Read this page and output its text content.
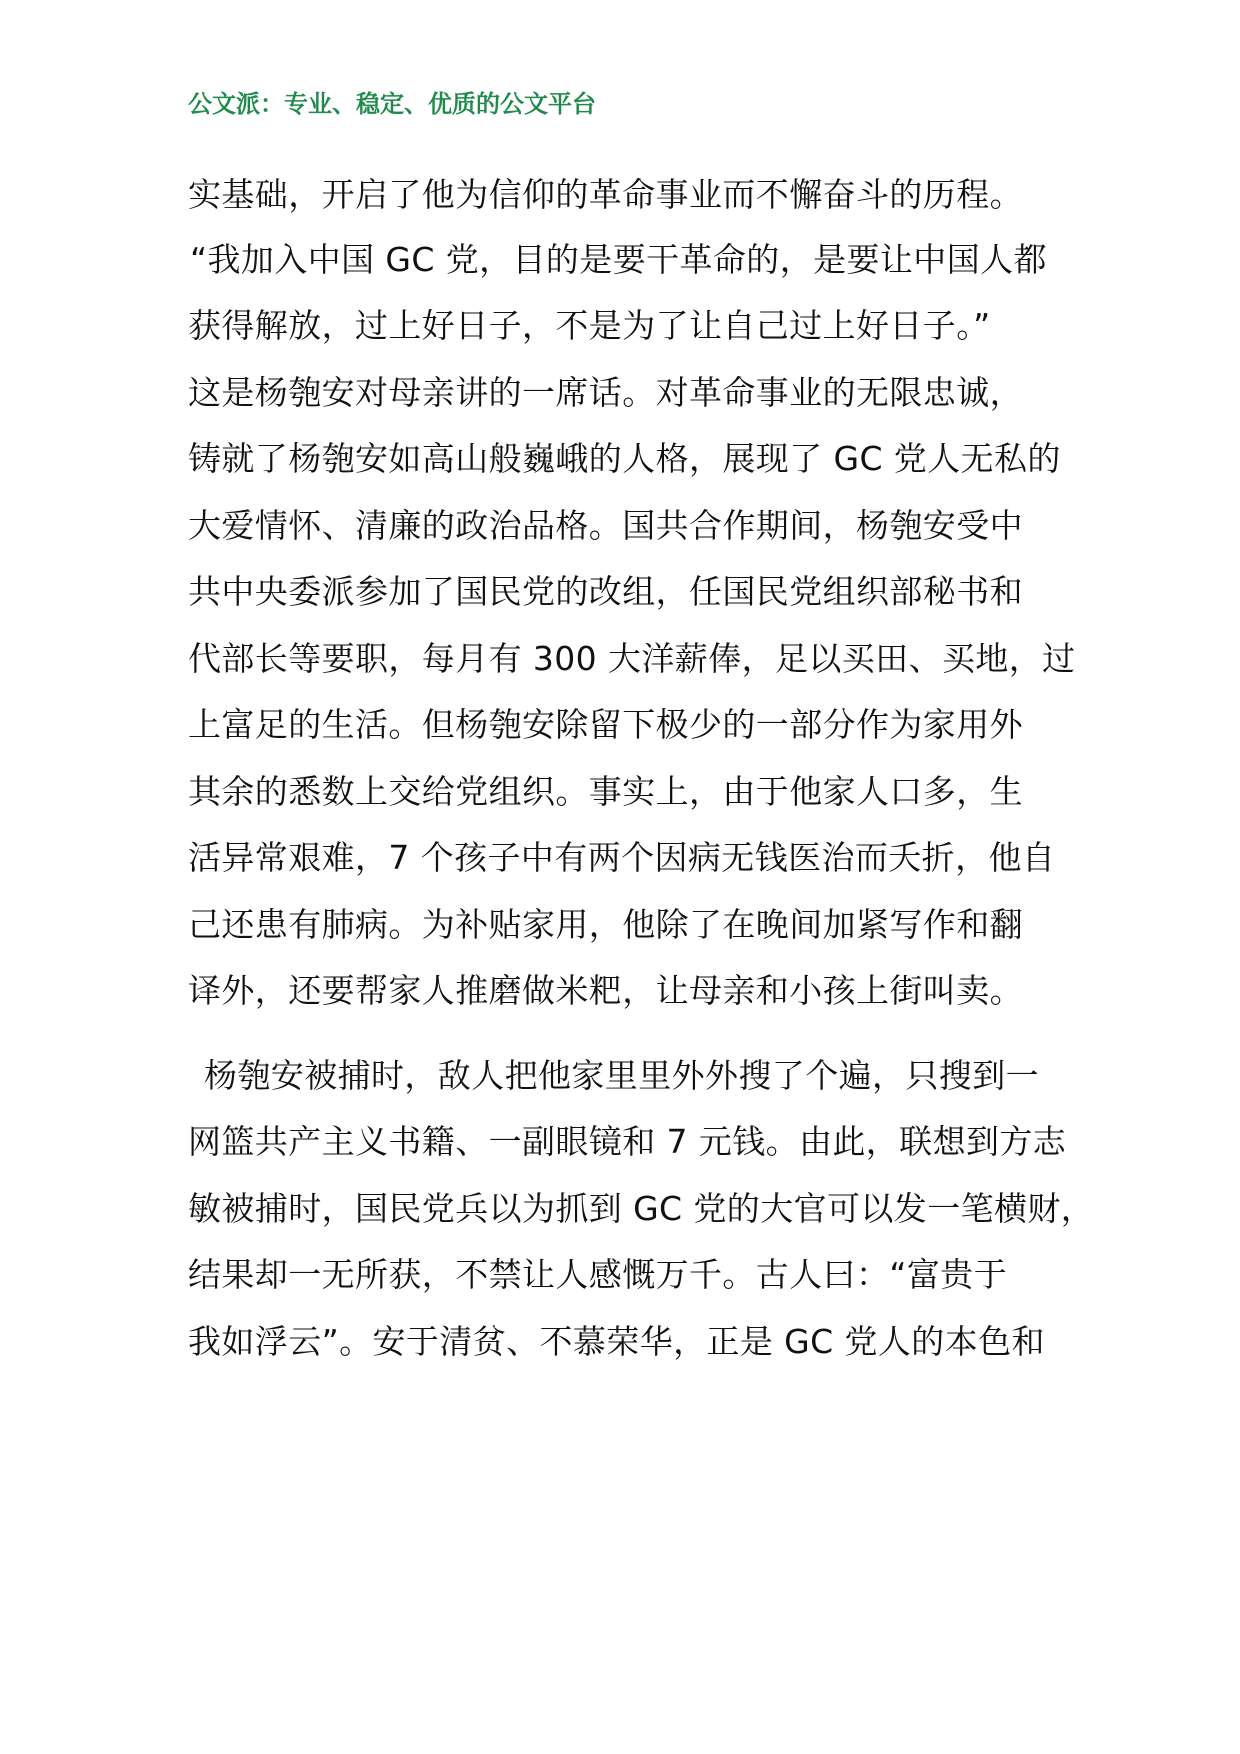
公文派：专业、稳定、优质的公文平台
实基础，开启了他为信仰的革命事业而不懈奋斗的历程。
“我加入中国 GC 党，目的是要干革命的，是要让中国人都
获得解放，过上好日子，不是为了让自己过上好日子。”
这是杨匏安对母亲讲的一席话。对革命事业的无限忠诚，
铸就了杨匏安如高山般巍峨的人格，展现了 GC 党人无私的
大爱情怀、清廉的政治品格。国共合作期间，杨匏安受中
共中央委派参加了国民党的改组，任国民党组织部秘书和
代部长等要职，每月有 300 大洋薪俸，足以买田、买地，过
上富足的生活。但杨匏安除留下极少的一部分作为家用外
其余的悉数上交给党组织。事实上，由于他家人口多，生
活异常艰难，7 个孩子中有两个因病无钱医治而夭折，他自
己还患有肺病。为补贴家用，他除了在晚间加紧写作和翻
译外，还要帮家人推磨做米粑，让母亲和小孩上街叫卖。
杨匏安被捕时，敌人把他家里里外外搜了个遍，只搜到一
网篮共产主义书籍、一副眼镜和 7 元钱。由此，联想到方志
敏被捕时，国民党兵以为抓到 GC 党的大官可以发一笔横财，
结果却一无所获，不禁让人感慨万千。古人曰：“富贵于
我如浮云”。安于清贫、不慕荣华，正是 GC 党人的本色和
